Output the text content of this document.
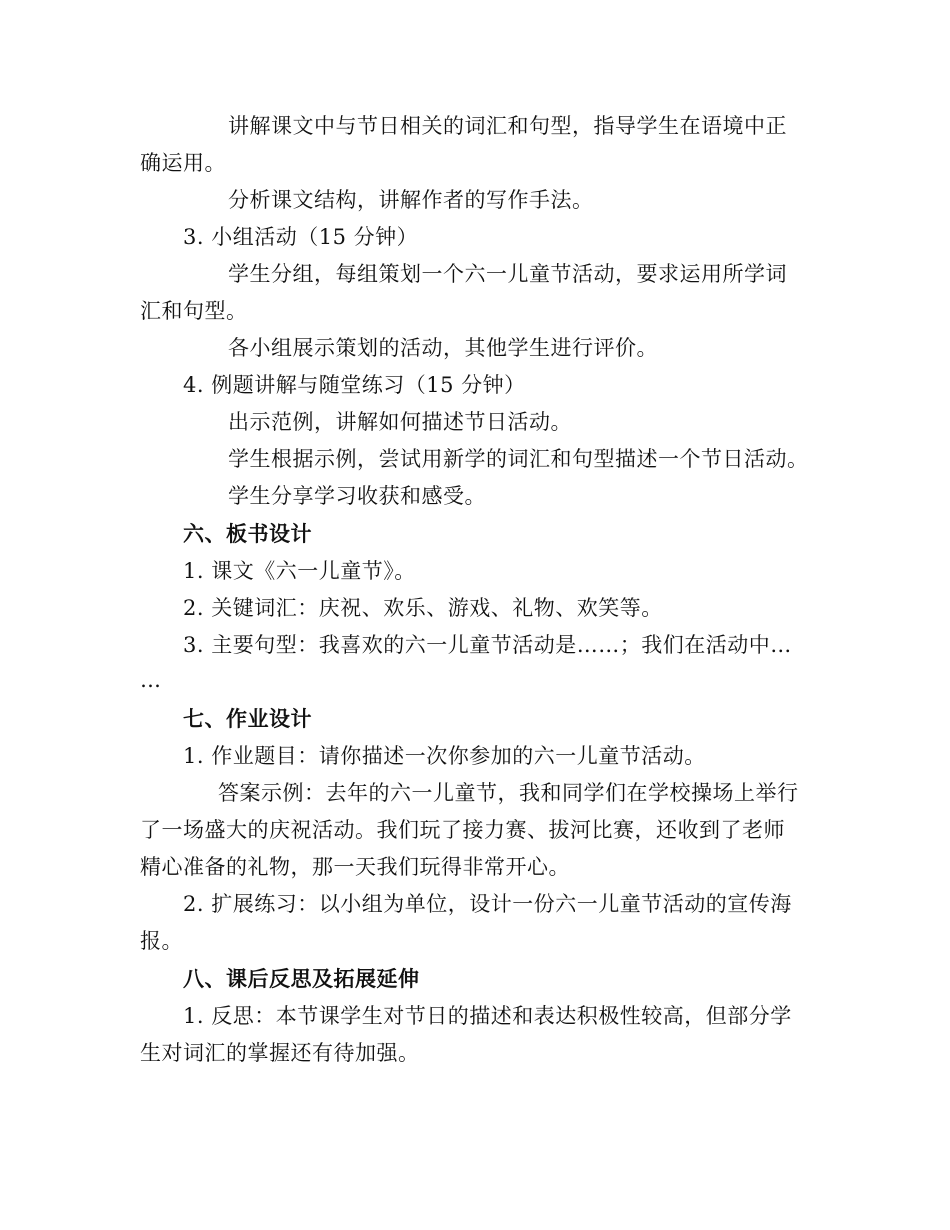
讲解课文中与节日相关的词汇和句型，指导学生在语境中正
确运用。
分析课文结构，讲解作者的写作手法。
3. 小组活动（15 分钟）
学生分组，每组策划一个六一儿童节活动，要求运用所学词
汇和句型。
各小组展示策划的活动，其他学生进行评价。
4. 例题讲解与随堂练习（15 分钟）
出示范例，讲解如何描述节日活动。
学生根据示例，尝试用新学的词汇和句型描述一个节日活动。
学生分享学习收获和感受。
六、板书设计
1. 课文《六一儿童节》。
2. 关键词汇：庆祝、欢乐、游戏、礼物、欢笑等。
3. 主要句型：我喜欢的六一儿童节活动是……；我们在活动中…
…
七、作业设计
1. 作业题目：请你描述一次你参加的六一儿童节活动。
答案示例：去年的六一儿童节，我和同学们在学校操场上举行
了一场盛大的庆祝活动。我们玩了接力赛、拔河比赛，还收到了老师
精心准备的礼物，那一天我们玩得非常开心。
2. 扩展练习：以小组为单位，设计一份六一儿童节活动的宣传海
报。
八、课后反思及拓展延伸
1. 反思：本节课学生对节日的描述和表达积极性较高，但部分学
生对词汇的掌握还有待加强。
